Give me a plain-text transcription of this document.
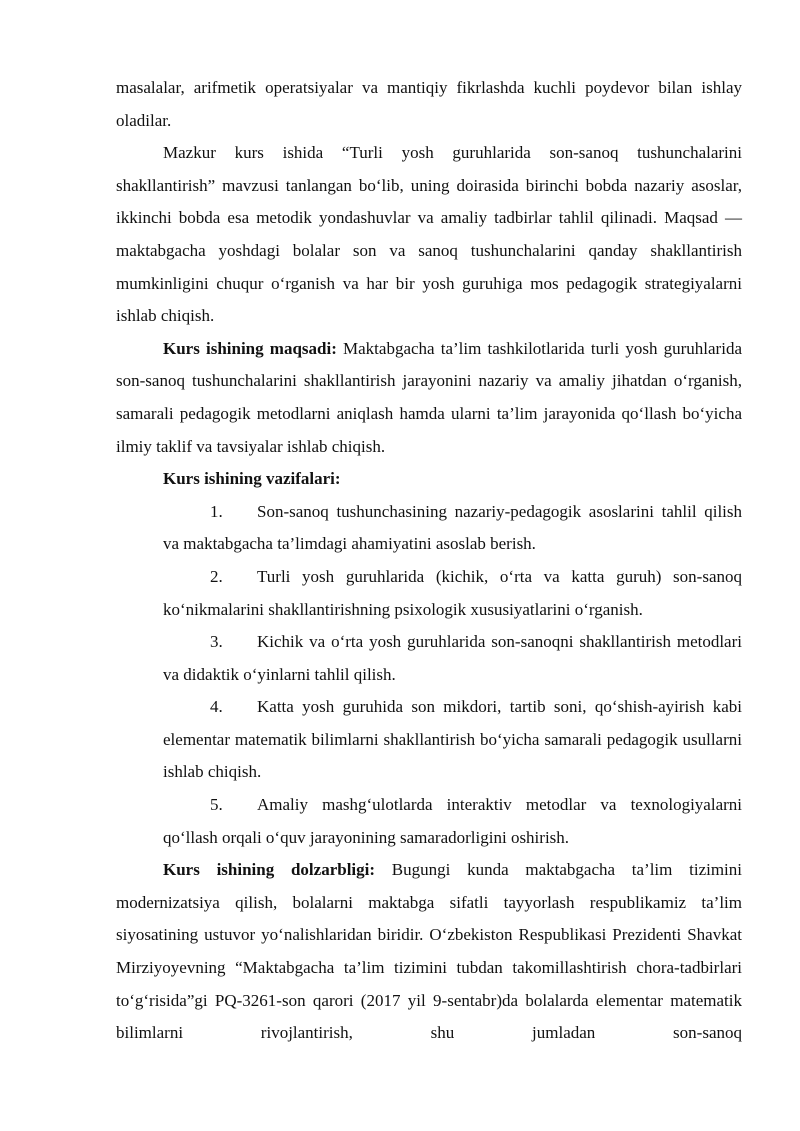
masalalar, arifmetik operatsiyalar va mantiqiy fikrlashda kuchli poydevor bilan ishlay oladilar.

Mazkur kurs ishida “Turli yosh guruhlarida son-sanoq tushunchalarini shakllantirish” mavzusi tanlangan bo‘lib, uning doirasida birinchi bobda nazariy asoslar, ikkinchi bobda esa metodik yondashuvlar va amaliy tadbirlar tahlil qilinadi. Maqsad — maktabgacha yoshdagi bolalar son va sanoq tushunchalarini qanday shakllantirish mumkinligini chuqur o‘rganish va har bir yosh guruhiga mos pedagogik strategiyalarni ishlab chiqish.

Kurs ishining maqsadi: Maktabgacha ta’lim tashkilotlarida turli yosh guruhlarida son-sanoq tushunchalarini shakllantirish jarayonini nazariy va amaliy jihatdan o‘rganish, samarali pedagogik metodlarni aniqlash hamda ularni ta’lim jarayonida qo‘llash bo‘yicha ilmiy taklif va tavsiyalar ishlab chiqish.

Kurs ishining vazifalari:

1. Son-sanoq tushunchasining nazariy-pedagogik asoslarini tahlil qilish va maktabgacha ta’limdagi ahamiyatini asoslab berish.

2. Turli yosh guruhlarida (kichik, o‘rta va katta guruh) son-sanoq ko‘nikmalarini shakllantirishning psixologik xususiyatlarini o‘rganish.

3. Kichik va o‘rta yosh guruhlarida son-sanoqni shakllantirish metodlari va didaktik o‘yinlarni tahlil qilish.

4. Katta yosh guruhida son mikdori, tartib soni, qo‘shish-ayirish kabi elementar matematik bilimlarni shakllantirish bo‘yicha samarali pedagogik usullarni ishlab chiqish.

5. Amaliy mashg‘ulotlarda interaktiv metodlar va texnologiyalarni qo‘llash orqali o‘quv jarayonining samaradorligini oshirish.

Kurs ishining dolzarbligi: Bugungi kunda maktabgacha ta’lim tizimini modernizatsiya qilish, bolalarni maktabga sifatli tayyorlash respublikamiz ta’lim siyosatining ustuvor yo‘nalishlaridan biridir. O‘zbekiston Respublikasi Prezidenti Shavkat Mirziyoyevning “Maktabgacha ta’lim tizimini tubdan takomillashtirish chora-tadbirlari to‘g‘risida”gi PQ-3261-son qarori (2017 yil 9-sentabr)da bolalarda elementar matematik bilimlarni rivojlantirish, shu jumladan son-sanoq
